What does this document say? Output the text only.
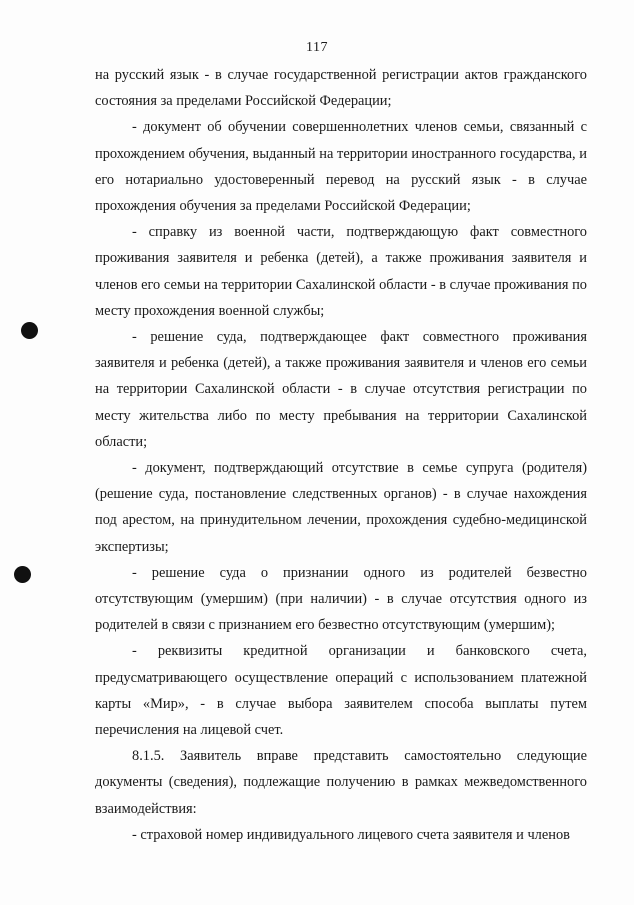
117

на русский язык - в случае государственной регистрации актов гражданского состояния за пределами Российской Федерации;

- документ об обучении совершеннолетних членов семьи, связанный с прохождением обучения, выданный на территории иностранного государства, и его нотариально удостоверенный перевод на русский язык - в случае прохождения обучения за пределами Российской Федерации;

- справку из военной части, подтверждающую факт совместного проживания заявителя и ребенка (детей), а также проживания заявителя и членов его семьи на территории Сахалинской области - в случае проживания по месту прохождения военной службы;

- решение суда, подтверждающее факт совместного проживания заявителя и ребенка (детей), а также проживания заявителя и членов его семьи на территории Сахалинской области - в случае отсутствия регистрации по месту жительства либо по месту пребывания на территории Сахалинской области;

- документ, подтверждающий отсутствие в семье супруга (родителя) (решение суда, постановление следственных органов) - в случае нахождения под арестом, на принудительном лечении, прохождения судебно-медицинской экспертизы;

- решение суда о признании одного из родителей безвестно отсутствующим (умершим) (при наличии) - в случае отсутствия одного из родителей в связи с признанием его безвестно отсутствующим (умершим);

- реквизиты кредитной организации и банковского счета, предусматривающего осуществление операций с использованием платежной карты «Мир», - в случае выбора заявителем способа выплаты путем перечисления на лицевой счет.

8.1.5. Заявитель вправе представить самостоятельно следующие документы (сведения), подлежащие получению в рамках межведомственного взаимодействия:

- страховой номер индивидуального лицевого счета заявителя и членов
